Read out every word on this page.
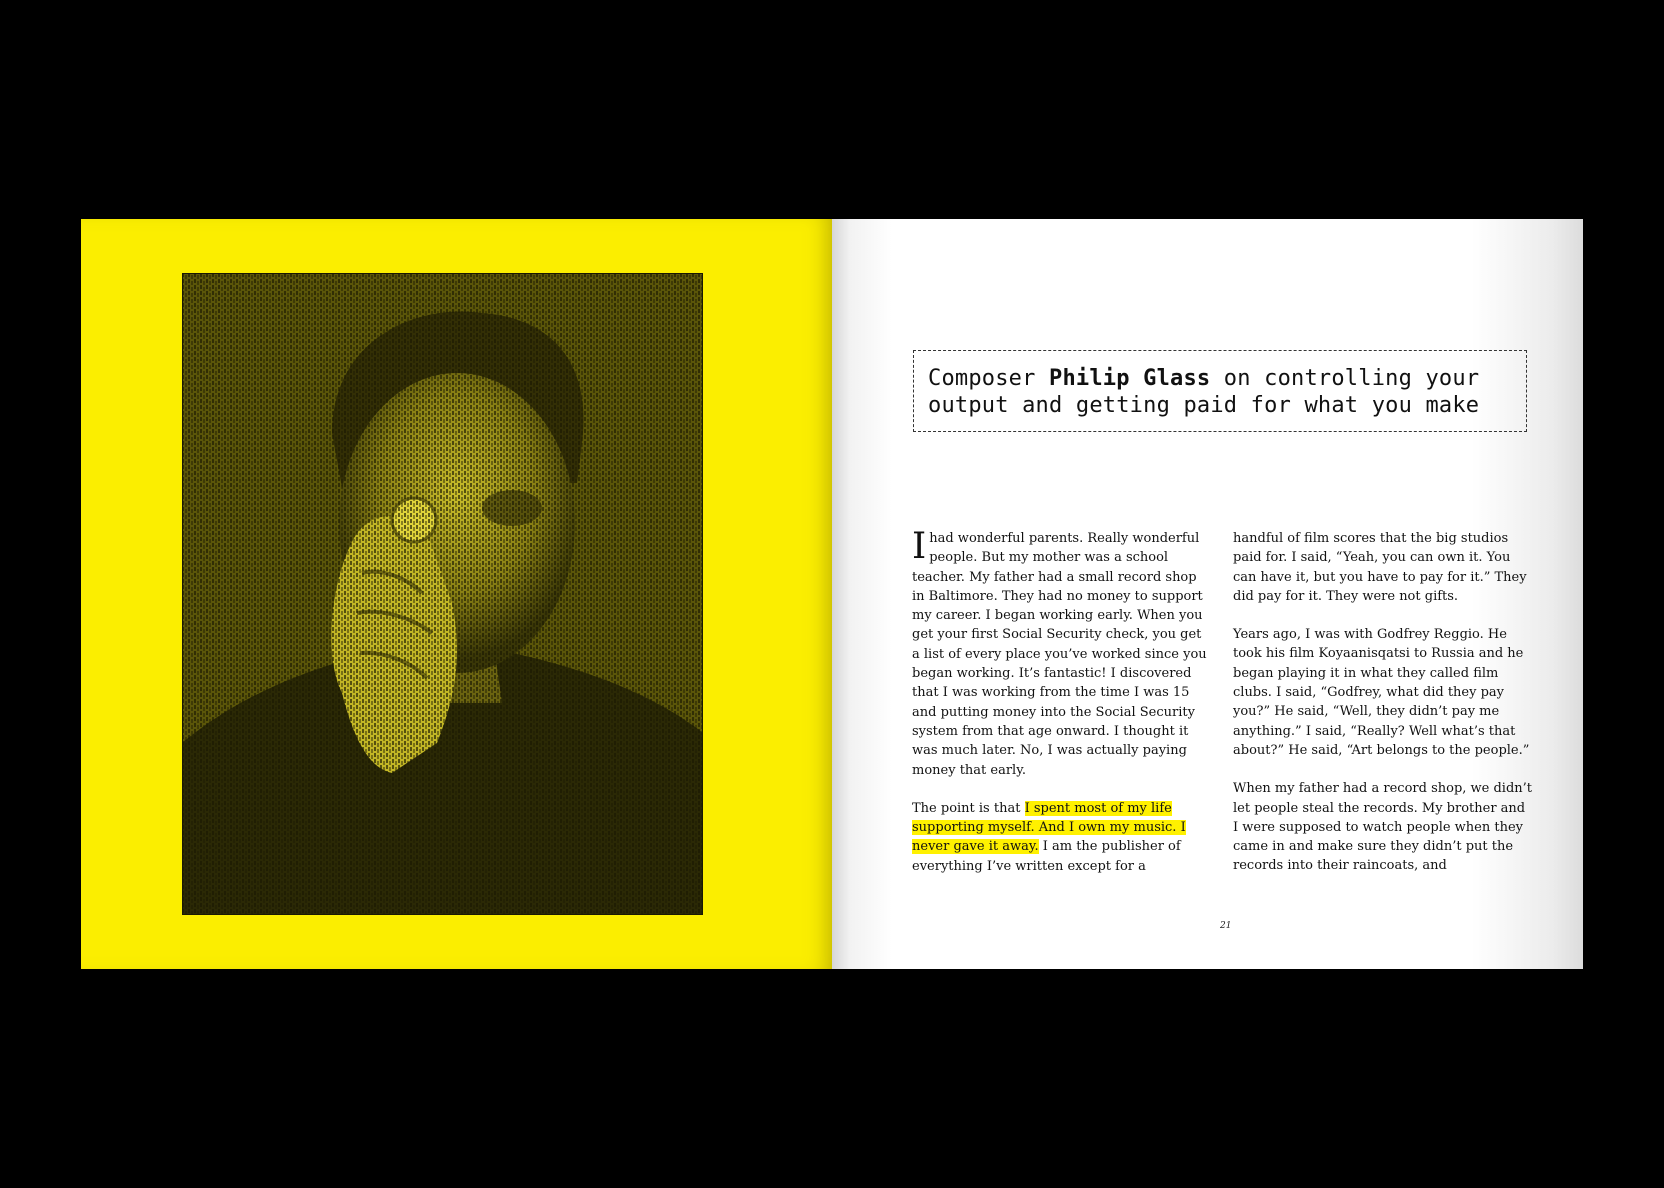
Composer Philip Glass on controlling your
output and getting paid for what you make

I had wonderful parents. Really wonderful people. But my mother was a school teacher. My father had a small record shop in Baltimore. They had no money to support my career. I began working early. When you get your first Social Security check, you get a list of every place you’ve worked since you began working. It’s fantastic! I discovered that I was working from the time I was 15 and putting money into the Social Security system from that age onward. I thought it was much later. No, I was actually paying money that early.

The point is that I spent most of my life supporting myself. And I own my music. I never gave it away. I am the publisher of everything I’ve written except for a

handful of film scores that the big studios paid for. I said, “Yeah, you can own it. You can have it, but you have to pay for it.” They did pay for it. They were not gifts.

Years ago, I was with Godfrey Reggio. He took his film Koyaanisqatsi to Russia and he began playing it in what they called film clubs. I said, “Godfrey, what did they pay you?” He said, “Well, they didn’t pay me anything.” I said, “Really? Well what’s that about?” He said, “Art belongs to the people.”

When my father had a record shop, we didn’t let people steal the records. My brother and I were supposed to watch people when they came in and make sure they didn’t put the records into their raincoats, and

21
